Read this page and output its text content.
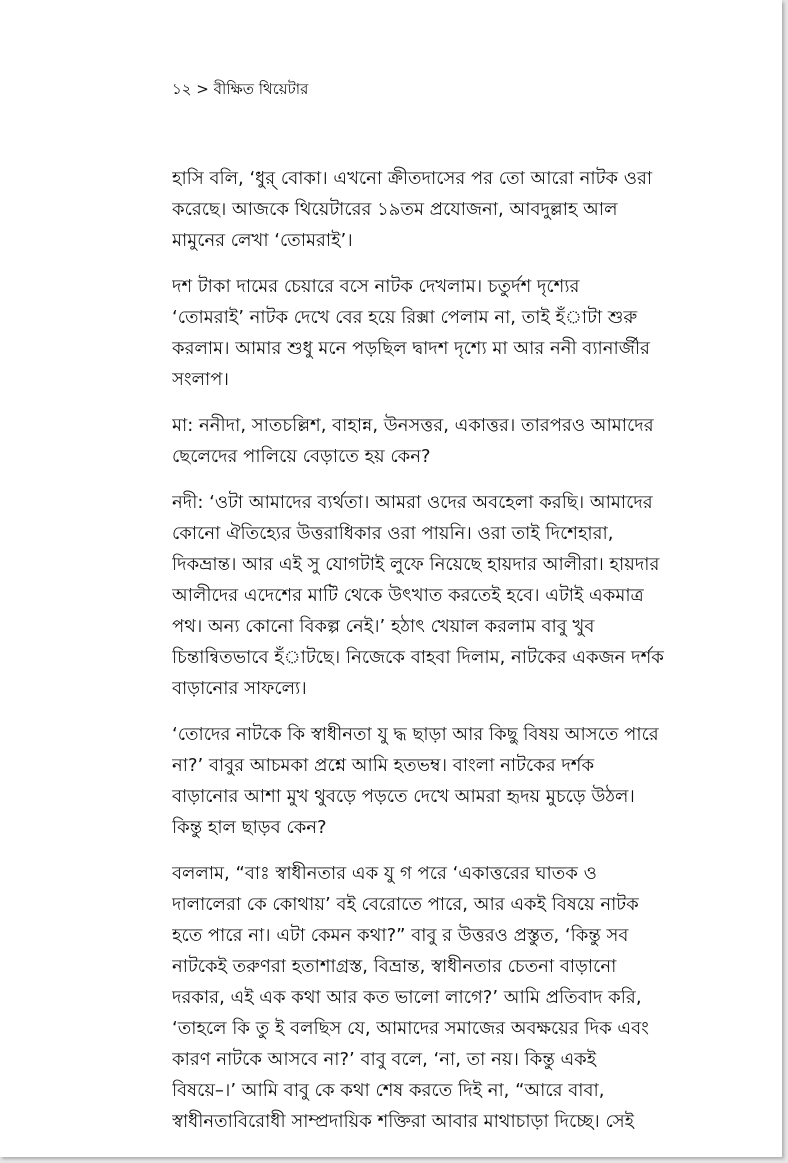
১২ > বীক্ষিত থিয়েটার

হাসি বলি, ‘ধুর্ বোকা। এখনো ক্রীতদাসের পর তো আরো নাটক ওরা
করেছে। আজকে থিয়েটারের ১৯তম প্রযোজনা, আবদুল্লাহ আল
মামুনের লেখা ‘তোমরাই’।

দশ টাকা দামের চেয়ারে বসে নাটক দেখলাম। চতুর্দশ দৃশ্যের
‘তোমরাই’ নাটক দেখে বের হয়ে রিক্সা পেলাম না, তাই হঁাটা শুরু
করলাম। আমার শুধু মনে পড়ছিল দ্বাদশ দৃশ্যে মা আর ননী ব্যানার্জীর
সংলাপ।

মা: ননীদা, সাতচল্লিশ, বাহান্ন, উনসত্তর, একাত্তর। তারপরও আমাদের
ছেলেদের পালিয়ে বেড়াতে হয় কেন?

নদী: ‘ওটা আমাদের ব্যর্থতা। আমরা ওদের অবহেলা করছি। আমাদের
কোনো ঐতিহ্যের উত্তরাধিকার ওরা পায়নি। ওরা তাই দিশেহারা,
দিকভ্রান্ত। আর এই সু যোগটাই লুফে নিয়েছে হায়দার আলীরা। হায়দার
আলীদের এদেশের মাটি থেকে উৎখাত করতেই হবে। এটাই একমাত্র
পথ। অন্য কোনো বিকল্প নেই।’ হঠাৎ খেয়াল করলাম বাবু খুব
চিন্তান্বিতভাবে হঁাটছে। নিজেকে বাহবা দিলাম, নাটকের একজন দর্শক
বাড়ানোর সাফল্যে।

‘তোদের নাটকে কি স্বাধীনতা যু দ্ধ ছাড়া আর কিছু বিষয় আসতে পারে
না?’ বাবুর আচমকা প্রশ্নে আমি হতভম্ব। বাংলা নাটকের দর্শক
বাড়ানোর আশা মুখ থুবড়ে পড়তে দেখে আমরা হৃদয় মুচড়ে উঠল।
কিন্তু হাল ছাড়ব কেন?

বললাম, “বাঃ স্বাধীনতার এক যু গ পরে ‘একাত্তরের ঘাতক ও
দালালেরা কে কোথায়’ বই বেরোতে পারে, আর একই বিষয়ে নাটক
হতে পারে না। এটা কেমন কথা?” বাবু র উত্তরও প্রস্তুত, ‘কিন্তু সব
নাটকেই তরুণরা হতাশাগ্রস্ত, বিভ্রান্ত, স্বাধীনতার চেতনা বাড়ানো
দরকার, এই এক কথা আর কত ভালো লাগে?’ আমি প্রতিবাদ করি,
‘তাহলে কি তু ই বলছিস যে, আমাদের সমাজের অবক্ষয়ের দিক এবং
কারণ নাটকে আসবে না?’ বাবু বলে, ‘না, তা নয়। কিন্তু একই
বিষয়ে–।’ আমি বাবু কে কথা শেষ করতে দিই না, “আরে বাবা,
স্বাধীনতাবিরোধী সাম্প্রদায়িক শক্তিরা আবার মাথাচাড়া দিচ্ছে। সেই
